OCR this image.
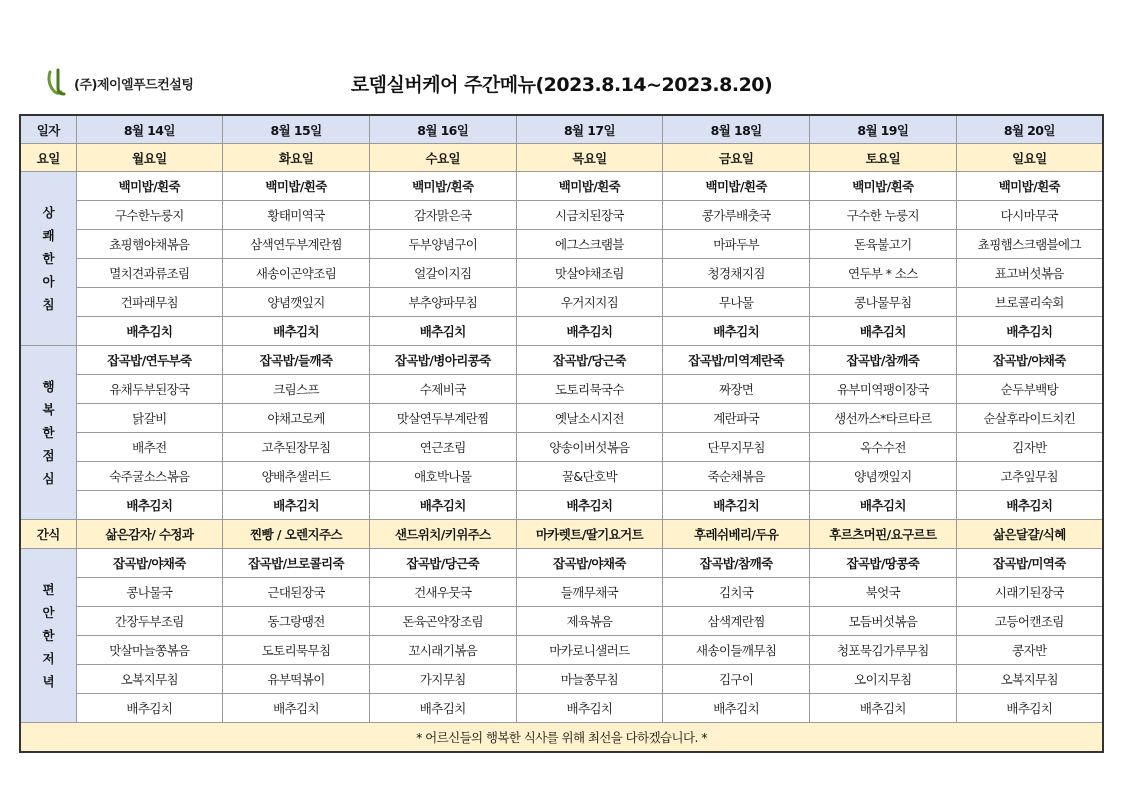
(주)제이엘푸드컨설팅	로뎀실버케어 주간메뉴(2023.8.14~2023.8.20)
일자	8월 14일	8월 15일	8월 16일	8월 17일	8월 18일	8월 19일	8월 20일
요일	월요일	화요일	수요일	목요일	금요일	토요일	일요일
상쾌한아침	백미밥/흰죽	백미밥/흰죽	백미밥/흰죽	백미밥/흰죽	백미밥/흰죽	백미밥/흰죽	백미밥/흰죽
	구수한누룽지	황태미역국	감자맑은국	시금치된장국	콩가루배춧국	구수한 누룽지	다시마무국
	쵸핑햄야채볶음	삼색연두부계란찜	두부양념구이	에그스크램블	마파두부	돈육불고기	쵸핑햄스크램블에그
	멸치견과류조림	새송이곤약조림	얼갈이지짐	맛살야채조림	청경채지짐	연두부 * 소스	표고버섯볶음
	건파래무침	양념깻잎지	부추양파무침	우거지지짐	무나물	콩나물무침	브로콜리숙회
	배추김치	배추김치	배추김치	배추김치	배추김치	배추김치	배추김치
행복한점심	잡곡밥/연두부죽	잡곡밥/들깨죽	잡곡밥/병아리콩죽	잡곡밥/당근죽	잡곡밥/미역계란죽	잡곡밥/참깨죽	잡곡밥/야채죽
	유채두부된장국	크림스프	수제비국	도토리묵국수	짜장면	유부미역팽이장국	순두부백탕
	닭갈비	야채고로케	맛살연두부계란찜	옛날소시지전	계란파국	생선까스*타르타르	순살후라이드치킨
	배추전	고추된장무침	연근조림	양송이버섯볶음	단무지무침	옥수수전	김자반
	숙주굴소스볶음	양배추샐러드	애호박나물	꿀&단호박	죽순채볶음	양념깻잎지	고추잎무침
	배추김치	배추김치	배추김치	배추김치	배추김치	배추김치	배추김치
간식	삶은감자/ 수정과	찐빵 / 오렌지주스	샌드위치/키위주스	마카렛트/딸기요거트	후레쉬베리/두유	후르츠머핀/요구르트	삶은달걀/식혜
편안한저녁	잡곡밥/야채죽	잡곡밥/브로콜리죽	잡곡밥/당근죽	잡곡밥/야채죽	잡곡밥/참깨죽	잡곡밥/땅콩죽	잡곡밥/미역죽
	콩나물국	근대된장국	건새우뭇국	들깨무채국	김치국	북엇국	시래기된장국
	간장두부조림	동그랑땡전	돈육곤약장조림	제육볶음	삼색계란찜	모듬버섯볶음	고등어캔조림
	맛살마늘쫑볶음	도토리묵무침	꼬시래기볶음	마카로니샐러드	새송이들깨무침	청포묵김가루무침	콩자반
	오복지무침	유부떡볶이	가지무침	마늘쫑무침	김구이	오이지무침	오복지무침
	배추김치	배추김치	배추김치	배추김치	배추김치	배추김치	배추김치
* 어르신들의 행복한 식사를 위해 최선을 다하겠습니다. *							
